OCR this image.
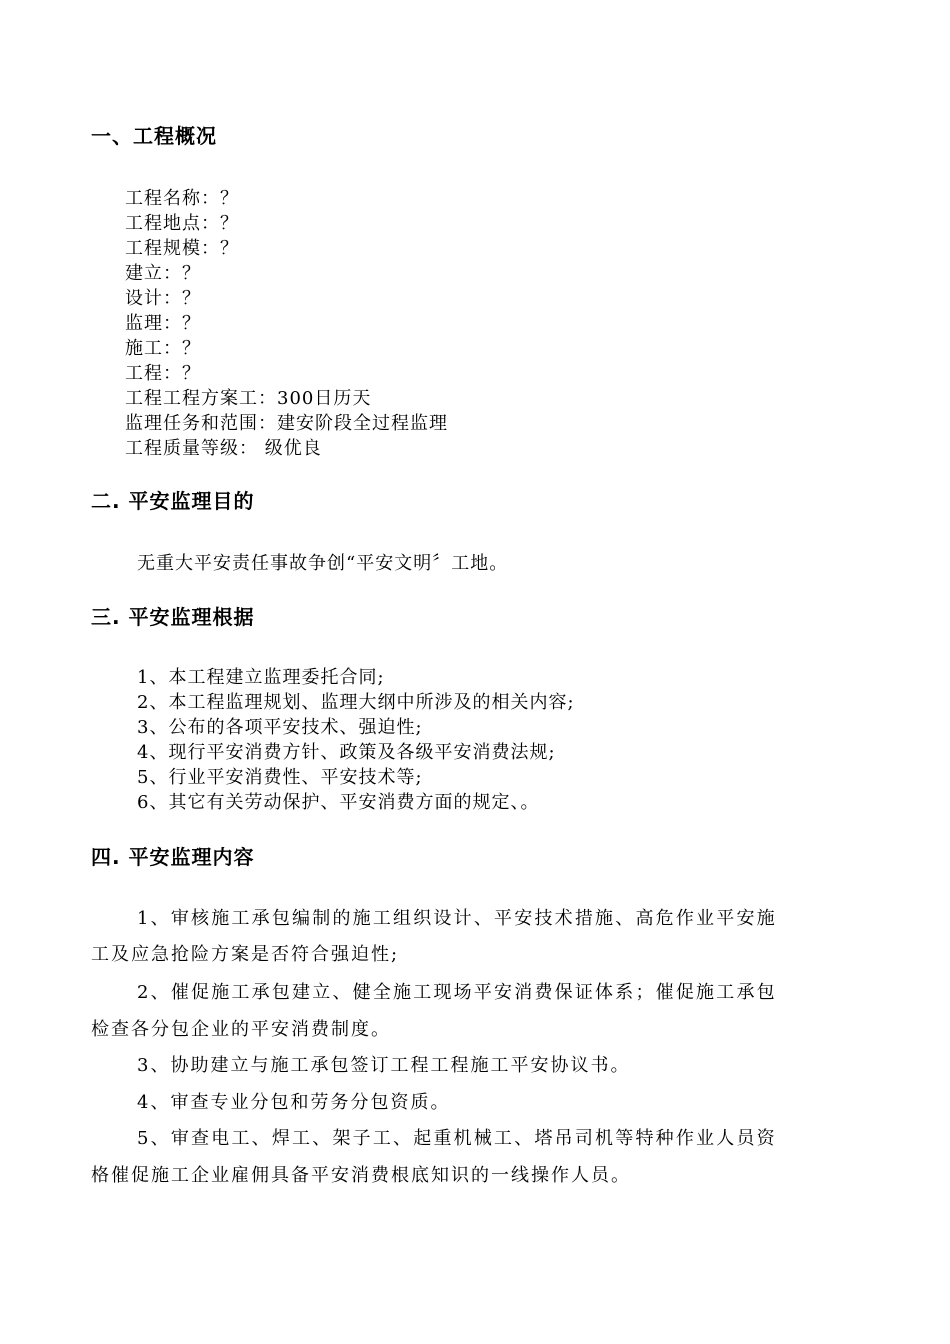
一、工程概况
工程名称：？
工程地点：？
工程规模：？
建立：？
设计：？
监理：？
施工：？
工程：？
工程工程方案工：300日历天
监理任务和范围：建安阶段全过程监理
工程质量等级： 级优良
二. 平安监理目的
无重大平安责任事故争创“平安文明〞工地。
三. 平安监理根据
1、本工程建立监理委托合同;
2、本工程监理规划、监理大纲中所涉及的相关内容;
3、公布的各项平安技术、强迫性;
4、现行平安消费方针、政策及各级平安消费法规;
5、行业平安消费性、平安技术等;
6、其它有关劳动保护、平安消费方面的规定、。
四. 平安监理内容
1、审核施工承包编制的施工组织设计、平安技术措施、高危作业平安施
工及应急抢险方案是否符合强迫性;
2、催促施工承包建立、健全施工现场平安消费保证体系；催促施工承包
检查各分包企业的平安消费制度。
3、协助建立与施工承包签订工程工程施工平安协议书。
4、审查专业分包和劳务分包资质。
5、审查电工、焊工、架子工、起重机械工、塔吊司机等特种作业人员资
格催促施工企业雇佣具备平安消费根底知识的一线操作人员。
